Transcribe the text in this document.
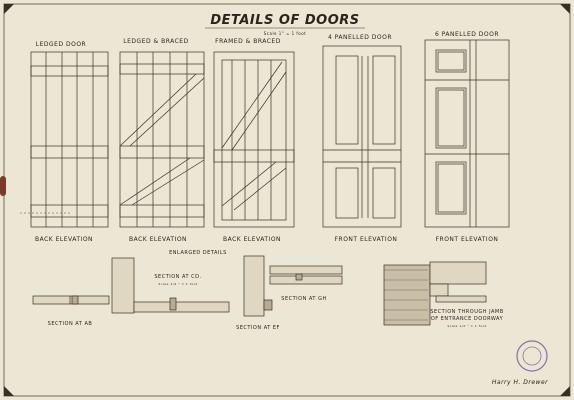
DETAILS OF DOORS
Scale 1" = 1 foot
LEDGED DOOR	LEDGED & BRACED	FRAMED & BRACED
4 PANELLED DOOR	6 PANELLED DOOR
BACK ELEVATION	BACK ELEVATION	BACK ELEVATION	FRONT ELEVATION	FRONT ELEVATION
ENLARGED DETAILS
SECTION AT AB
SECTION AT CD.
Scale 1/4 " = 1 foot
SECTION AT EF
SECTION AT GH
SECTION THROUGH JAMB
OF ENTRANCE DOORWAY
Scale 1/2 " = 1 foot
Harry H. Drewer
